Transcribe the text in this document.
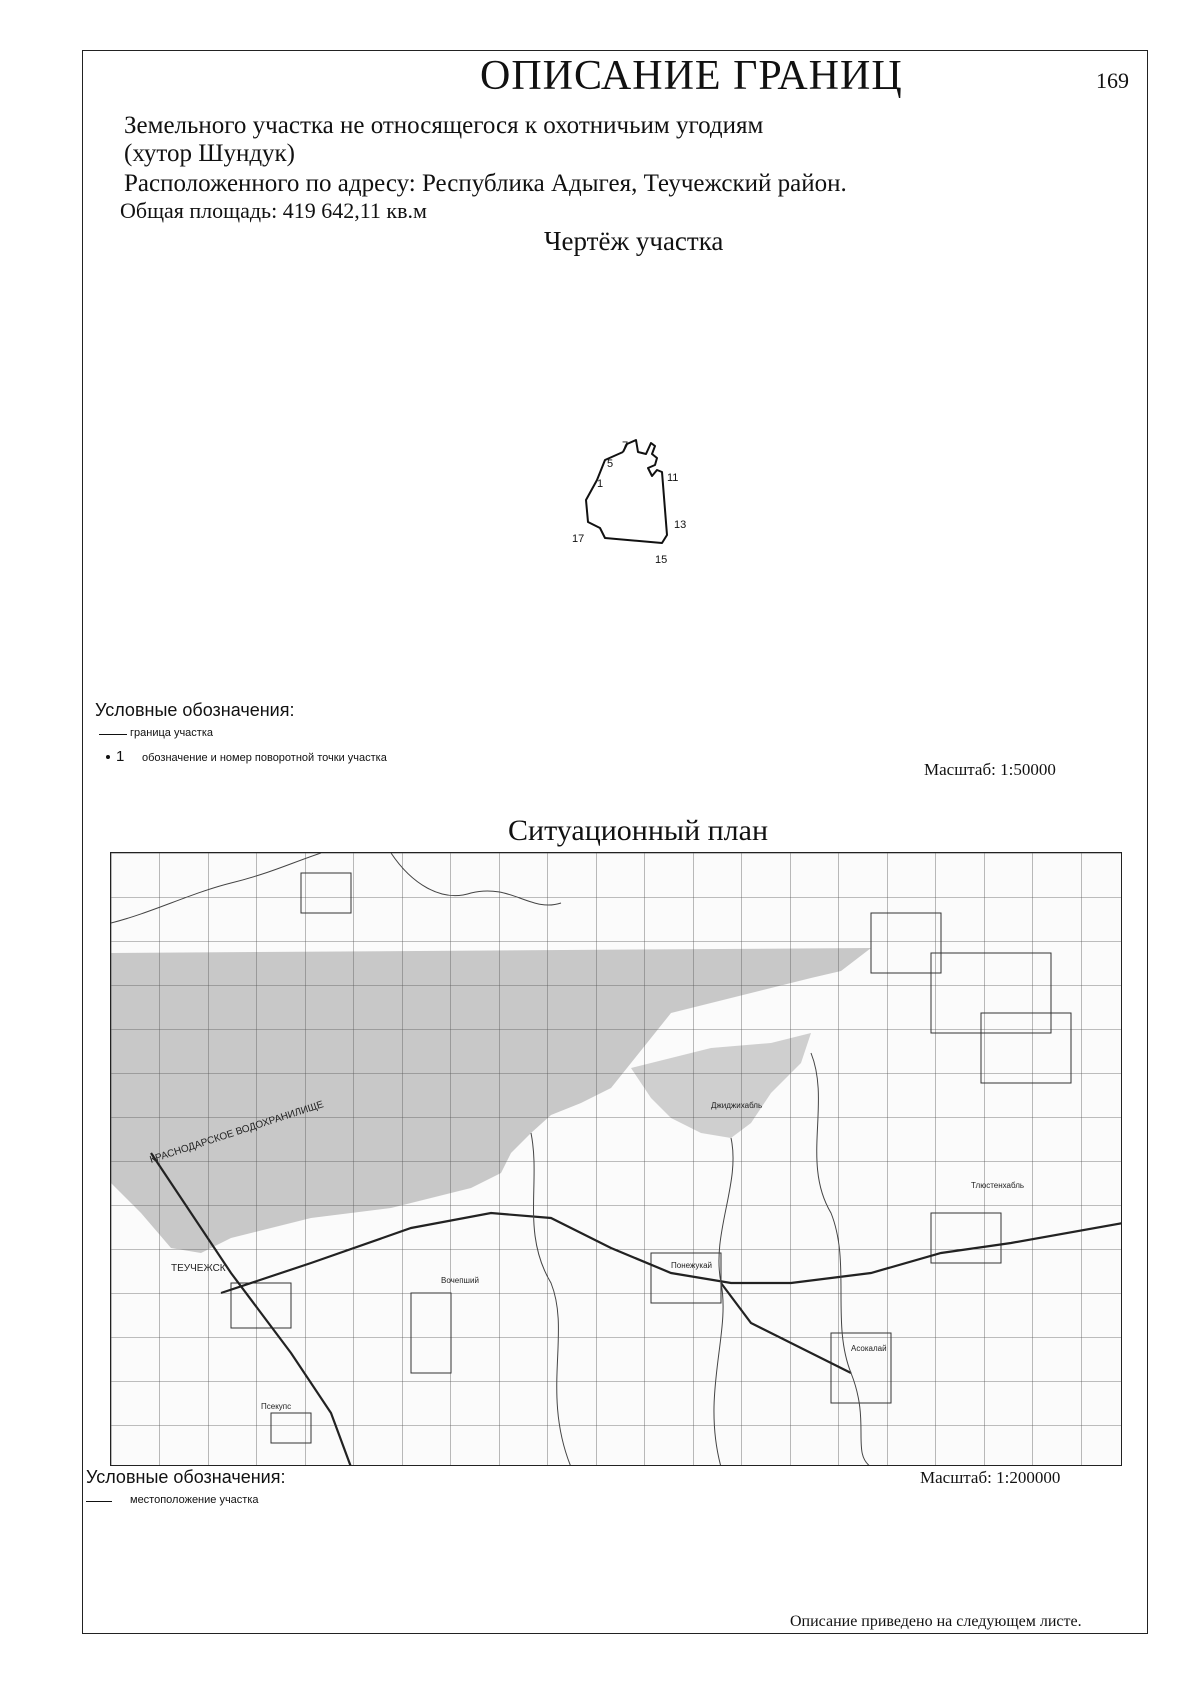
ОПИСАНИЕ ГРАНИЦ	169
Земельного участка не относящегося к охотничьим угодиям
(хутор Шундук)
Расположенного по адресу: Республика Адыгея, Теучежский район.
Общая площадь: 419 642,11 кв.м
Чертёж участка
7
5
1	11
13
17
15
Условные обозначения:
граница участка
1 обозначение и номер поворотной точки участка
Масштаб: 1:50000
Ситуационный план
ТЕУЧЕЖСК	Понежукай
Асокалай
Псекупс
Вочепший
Джиджихабль
Тлюстенхабль
КРАСНОДАРСКОЕ ВОДОХРАНИЛИЩЕ
Условные обозначения:
местоположение участка
Масштаб: 1:200000
Описание приведено на следующем листе.
